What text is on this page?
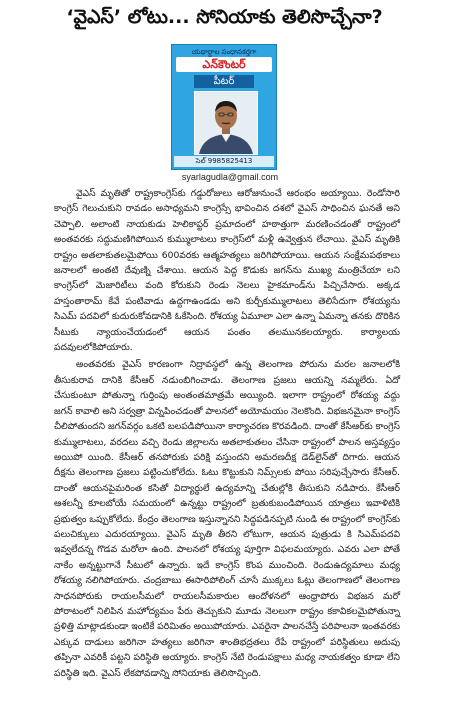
‘వైఎస్’ లోటు... సోనియాకు తెలిసొచ్చేనా?
యథార్థాల సంధానకర్తగా
ఎన్‌కౌంటర్
పీటర్
సెల్ 9985825413
syarlagudla@gmail.com

వైఎస్ మృతితో రాష్ట్రకాంగ్రెస్‌కు గడ్డురోజులు ఆరోజునుంచే ఆరంభం అయ్యాయి. రెండోసారి కాంగ్రెస్ గెలుచుకుని రావడం అసాధ్యమని కాంగ్రెస్సే భావించిన దశలో వైఎస్ సాధించిన ఘనతే అని చెప్పాలి. అలాంటి నాయకుడు హెలికాప్టర్ ప్రమాదంలో హఠాత్తుగా మరణించడంతో రాష్ట్రంలో అంతవరకు సద్దుమణిగిపోయిన కుమ్ములాటలు కాంగ్రెస్‌లో మళ్లీ ఉవ్వెత్తున లేచాయి. వైఎస్ మృతికి రాష్ట్రం అతలాకుతలమైపోయి 600వరకు ఆత్మహత్యలు జరిగిపోయాయి. ఆయన సంక్షేమపథకాలు జనాలలో అంతటి దేవుణ్ని చేశాయి. ఆయన పెద్ద కొడుకు జగన్‌ను ముఖ్య మంత్రిచేయా లని కాంగ్రెస్‌లో మెజారిటీలు వంది కోరుకుని రెండు నెలలు హైకమాండ్‌ను పిచ్చిచేసారు. అక్కడ హస్తంతారామ్ కేవే పంటివాడు ఉద్దగాఉండడు అని కుర్చీకుమ్ములాటలు తెలిసేదుగా రోశయ్యను సిఎమ్ పదవిలో కుదురుకోవడానికి ఓకేసింది. రోశయ్య ఏమూలా ఎలా ఉన్నా ఏమన్నా తనకు దొరికిన సీటుకు న్యాయంచేయడంలో ఆయన పంతం తలమునకలయ్యారు. కార్యాలయ పదవులలోకిపోయారు.

అంతవరకు వైఎస్ కారణంగా నిద్రావస్థలో ఉన్న తెలంగాణ పోరును మరల జనాలలోకి తీసుకురావ దానికి కేసీఆర్ నడుంబిగించాడు. తెలంగాణ ప్రజలు ఆయన్ని నమ్మలేరు. ఏదో చేసుకుంటూ పోతున్నా గుర్తింపు అంతంతమాత్రమే అయ్యింది. ఇలాగా రాష్ట్రంలో రోశయ్య వద్దు జగన్ కావాలి అని సర్వత్రా విన్నపించడంతో పాలనలో అయోమయం నెలకొంది. విభజనమైనా కాంగ్రెస్ చీలిపోతుందని జగన్‌వర్గం ఒకటి బలపడిపోయినా కార్యాచరణ కొరవడింది. దాంతో కేసీఆర్‌కు కాంగ్రెస్ కుమ్ములాటలు, వరదలు వచ్చి రెండు జిల్లాలను అతలాకుతలం చేసినా రాష్ట్రంలో పాలన అస్తవ్యస్తం అయిపో యింది. కేసీఆర్ తనపోరుకు పరిక్షి వస్తుందని అమరణదీక్ష డెడ్‌లైన్‌తో దిగారు. ఆయన దీక్షను తెలంగాణ ప్రజలు పట్టించుకోలేదు. ఓటు కొట్టుకుని నిమ్స్‌లకు పోయి సరిపుచ్చేసారు కేసీఆర్. దాంతో ఆయనపైమరింత కసితో విద్యార్థులే ఉద్యమాన్ని చేతుల్లోకి తీసుకుని నడిపారు. కేసీఆర్ ఆశలన్నీ కూలబోయే సమయంలో ఉన్నట్టు రాష్ట్రంలో బ్రతుకుబండిపోయిన యాత్రలు ఇవాళిటికి ప్రభుత్వం ఒప్పుకోలేదు. కేంద్రం తెలంగాణ ఇస్తున్నానని సిద్ధపడినప్పటి నుండి ఈ రాష్ట్రంలో కాంగ్రెస్‌కు పలుచిక్కులు ఎదురయ్యాయి. వైఎస్ మృతి తీరని లోటుగా, ఆయన పుత్రుడు కి సిఎమ్‌పదవి ఇవ్వలేదన్న గొడవ మరోలా ఉంది. పాలనలో రోశయ్య పూర్తిగా విఫలమయ్యారు. ఎవరు ఎలా పోతే నాకేం అన్నట్టుగానే సీటులో ఉన్నారు. ఇదే కాంగ్రెస్ కొంప ముంచింది. రెండుఉద్యమాలు మధ్య రోశయ్య నలిగిపోయారు. చంద్రబాబు ఈసారిపోలింగ్ చూసే ముక్కలు ఓట్లు తెలంగాణలో తెలంగాణ సాధనపోరుకు రాయలసీమలో రాయలసీమకారుల ఆందోళనలో ఆంధ్రాపోరు విభజన మరో పోరాటంలో నిలిపిన మహోద్యమం పేరు తెచ్చుకుని మూడు నెలలుగా రాష్ట్రం కకావికలమైపోతున్నా ప్రళిత్తి మాట్లాడకుండా ఇంటికే పరిమితం అయిపోయారు. ఎవరైనా పాలనచేస్తే పరిపాలనా ఇంతవరకు ఎక్కువ దాడులు జరిగినా హత్యలు జరిగినా శాంతిభద్రతలు రేపే రాష్ట్రంలో పరిస్థితులు అదుపు తప్పినా ఎవరికీ పట్టని పరిస్థితి అయ్యారు. కాంగ్రెస్ నేటి రెండుపక్షాలు మధ్య నాయకత్వం కూడా లేని పరిస్థితి ఇది. వైఎస్ లేకపోవడాన్ని సోనియాకు తెలిసొచ్చింది.
